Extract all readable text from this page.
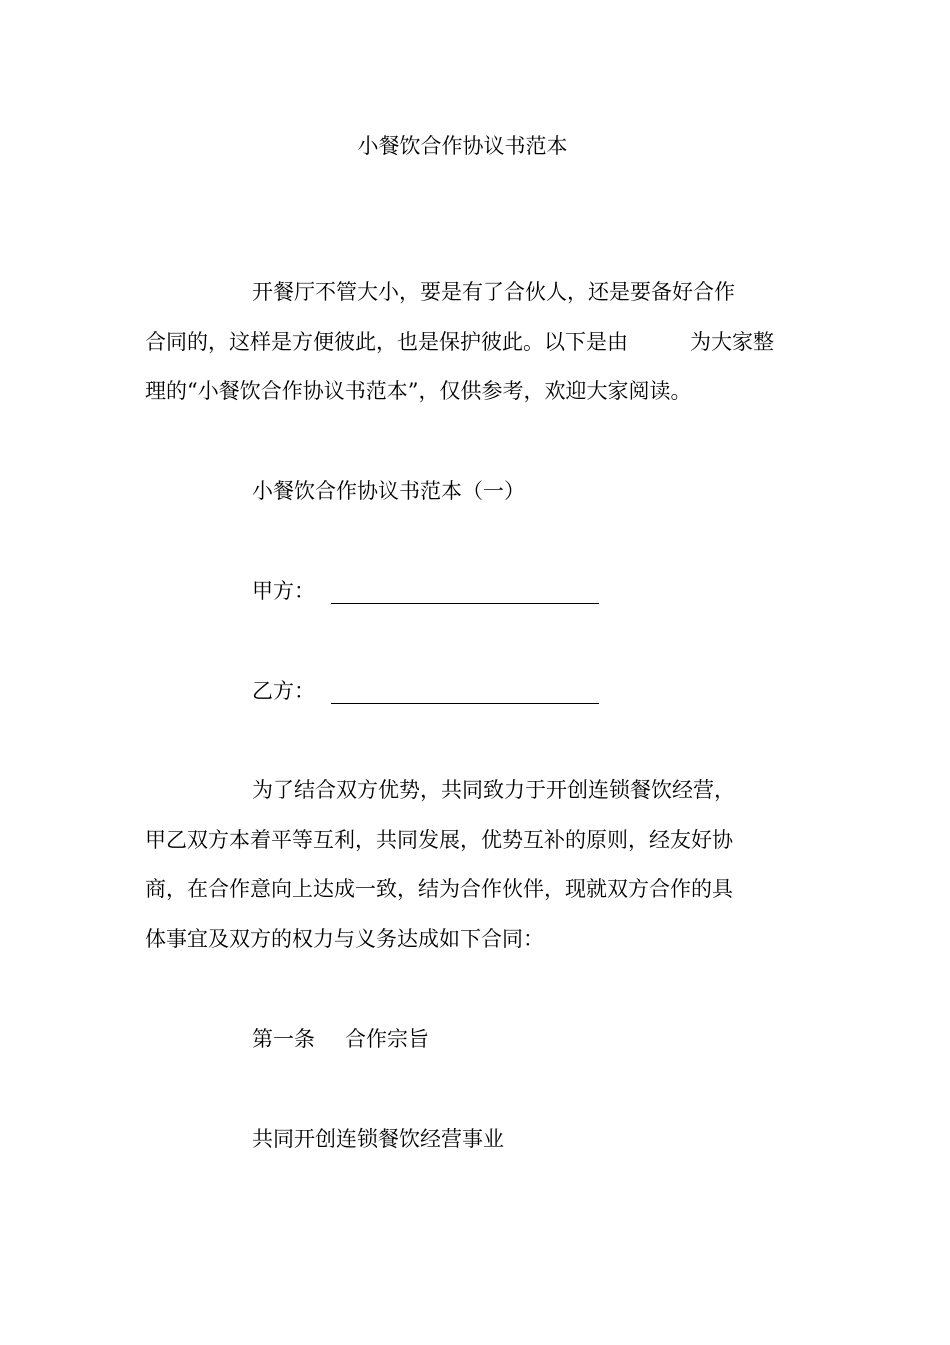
小餐饮合作协议书范本
开餐厅不管大小，要是有了合伙人，还是要备好合作
合同的，这样是方便彼此，也是保护彼此。以下是由	为大家整
理的“小餐饮合作协议书范本”，仅供参考，欢迎大家阅读。
小餐饮合作协议书范本（一）
甲方：
乙方：
为了结合双方优势，共同致力于开创连锁餐饮经营，
甲乙双方本着平等互利，共同发展，优势互补的原则，经友好协
商，在合作意向上达成一致，结为合作伙伴，现就双方合作的具
体事宜及双方的权力与义务达成如下合同：
第一条 合作宗旨
共同开创连锁餐饮经营事业
